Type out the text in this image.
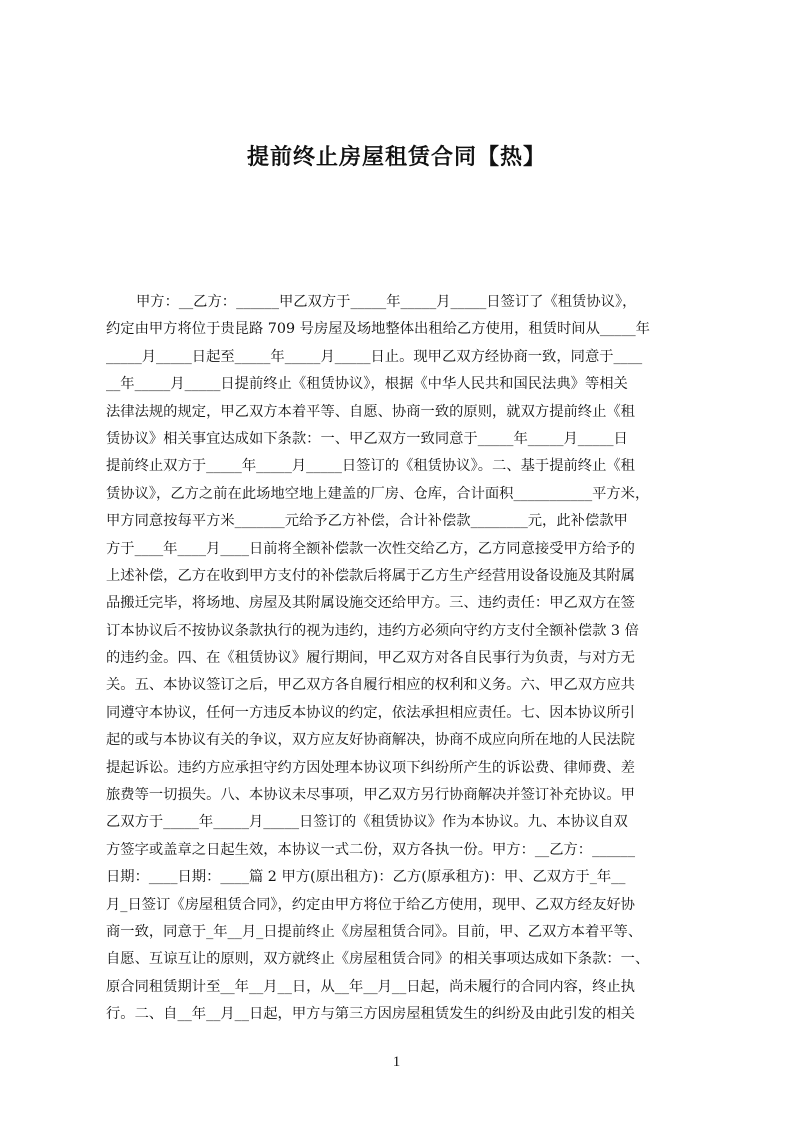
提前终止房屋租赁合同【热】
甲方：__乙方：______甲乙双方于_____年_____月_____日签订了《租赁协议》，
约定由甲方将位于贵昆路 709 号房屋及场地整体出租给乙方使用，租赁时间从_____年
_____月_____日起至_____年_____月_____日止。现甲乙双方经协商一致，同意于____
__年_____月_____日提前终止《租赁协议》，根据《中华人民共和国民法典》等相关
法律法规的规定，甲乙双方本着平等、自愿、协商一致的原则，就双方提前终止《租
赁协议》相关事宜达成如下条款：一、甲乙双方一致同意于_____年_____月_____日
提前终止双方于_____年_____月_____日签订的《租赁协议》。二、基于提前终止《租
赁协议》，乙方之前在此场地空地上建盖的厂房、仓库，合计面积___________平方米，
甲方同意按每平方米_______元给予乙方补偿，合计补偿款________元，此补偿款甲
方于____年____月____日前将全额补偿款一次性交给乙方，乙方同意接受甲方给予的
上述补偿，乙方在收到甲方支付的补偿款后将属于乙方生产经营用设备设施及其附属
品搬迁完毕，将场地、房屋及其附属设施交还给甲方。三、违约责任：甲乙双方在签
订本协议后不按协议条款执行的视为违约，违约方必须向守约方支付全额补偿款 3 倍
的违约金。四、在《租赁协议》履行期间，甲乙双方对各自民事行为负责，与对方无
关。五、本协议签订之后，甲乙双方各自履行相应的权利和义务。六、甲乙双方应共
同遵守本协议，任何一方违反本协议的约定，依法承担相应责任。七、因本协议所引
起的或与本协议有关的争议，双方应友好协商解决，协商不成应向所在地的人民法院
提起诉讼。违约方应承担守约方因处理本协议项下纠纷所产生的诉讼费、律师费、差
旅费等一切损失。八、本协议未尽事项，甲乙双方另行协商解决并签订补充协议。甲
乙双方于_____年_____月_____日签订的《租赁协议》作为本协议。九、本协议自双
方签字或盖章之日起生效，本协议一式二份，双方各执一份。甲方：__乙方：______
日期：____日期：____篇 2 甲方(原出租方)：乙方(原承租方)：甲、乙双方于_年__
月_日签订《房屋租赁合同》，约定由甲方将位于给乙方使用，现甲、乙双方经友好协
商一致，同意于_年__月_日提前终止《房屋租赁合同》。目前，甲、乙双方本着平等、
自愿、互谅互让的原则，双方就终止《房屋租赁合同》的相关事项达成如下条款：一、
原合同租赁期计至__年__月__日，从__年__月__日起，尚未履行的合同内容，终止执
行。二、自__年__月__日起，甲方与第三方因房屋租赁发生的纠纷及由此引发的相关
1
